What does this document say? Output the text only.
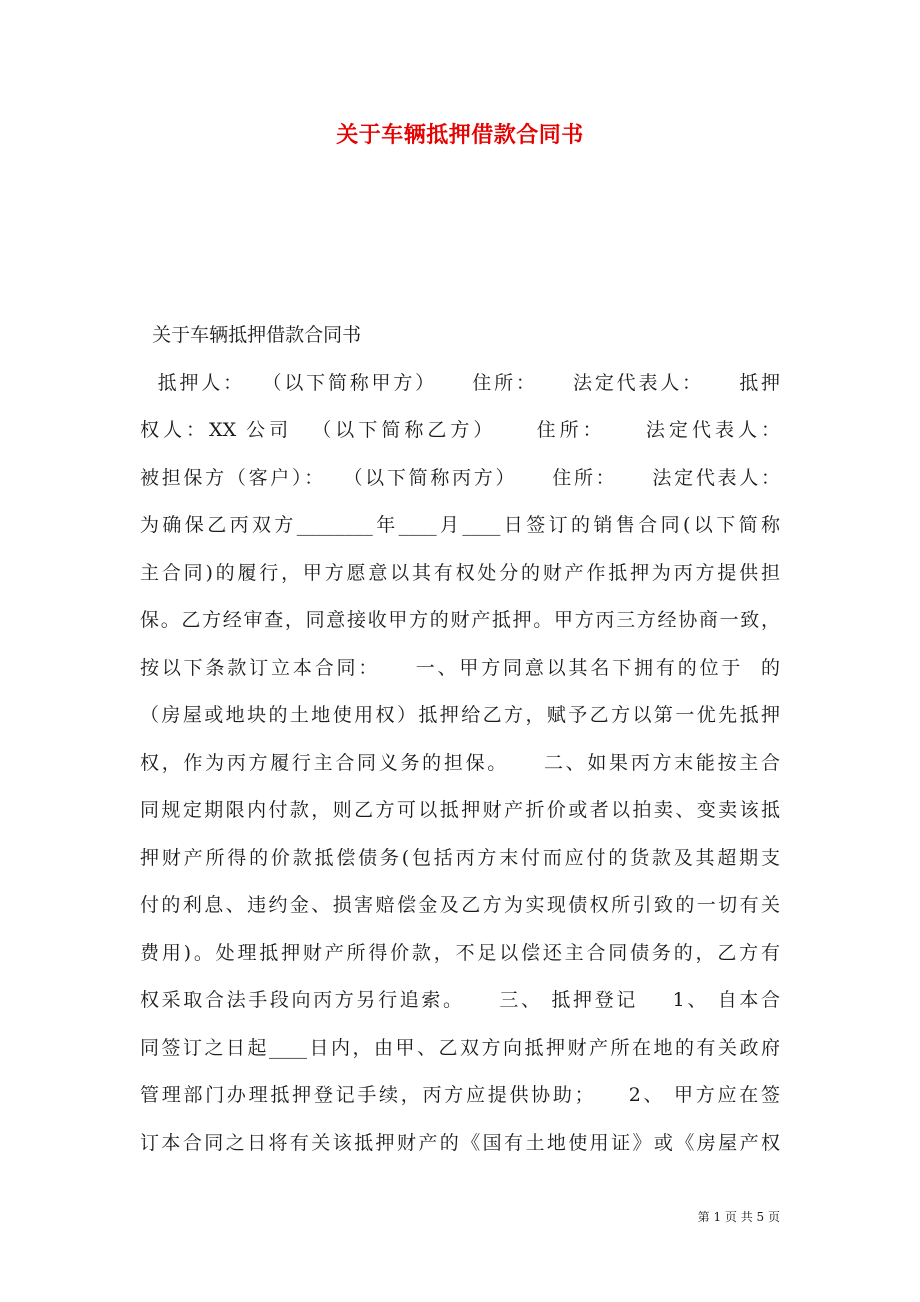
关于车辆抵押借款合同书

关于车辆抵押借款合同书

抵押人：  （以下简称甲方）    住所：    法定代表人：    抵押

权人：XX 公司  （以下简称乙方）    住所：    法定代表人：

被担保方（客户）：  （以下简称丙方）    住所：    法定代表人：

为确保乙丙双方________年____月____日签订的销售合同(以下简称

主合同)的履行，甲方愿意以其有权处分的财产作抵押为丙方提供担

保。乙方经审查，同意接收甲方的财产抵押。甲方丙三方经协商一致，

按以下条款订立本合同：    一、甲方同意以其名下拥有的位于  的

（房屋或地块的土地使用权）抵押给乙方，赋予乙方以第一优先抵押

权，作为丙方履行主合同义务的担保。    二、如果丙方末能按主合

同规定期限内付款，则乙方可以抵押财产折价或者以拍卖、变卖该抵

押财产所得的价款抵偿债务(包括丙方末付而应付的货款及其超期支

付的利息、违约金、损害赔偿金及乙方为实现债权所引致的一切有关

费用)。处理抵押财产所得价款，不足以偿还主合同债务的，乙方有

权采取合法手段向丙方另行追索。    三、 抵押登记    1、 自本合

同签订之日起____日内，由甲、乙双方向抵押财产所在地的有关政府

管理部门办理抵押登记手续，丙方应提供协助；    2、 甲方应在签

订本合同之日将有关该抵押财产的《国有土地使用证》或《房屋产权

第 1 页 共 5 页
